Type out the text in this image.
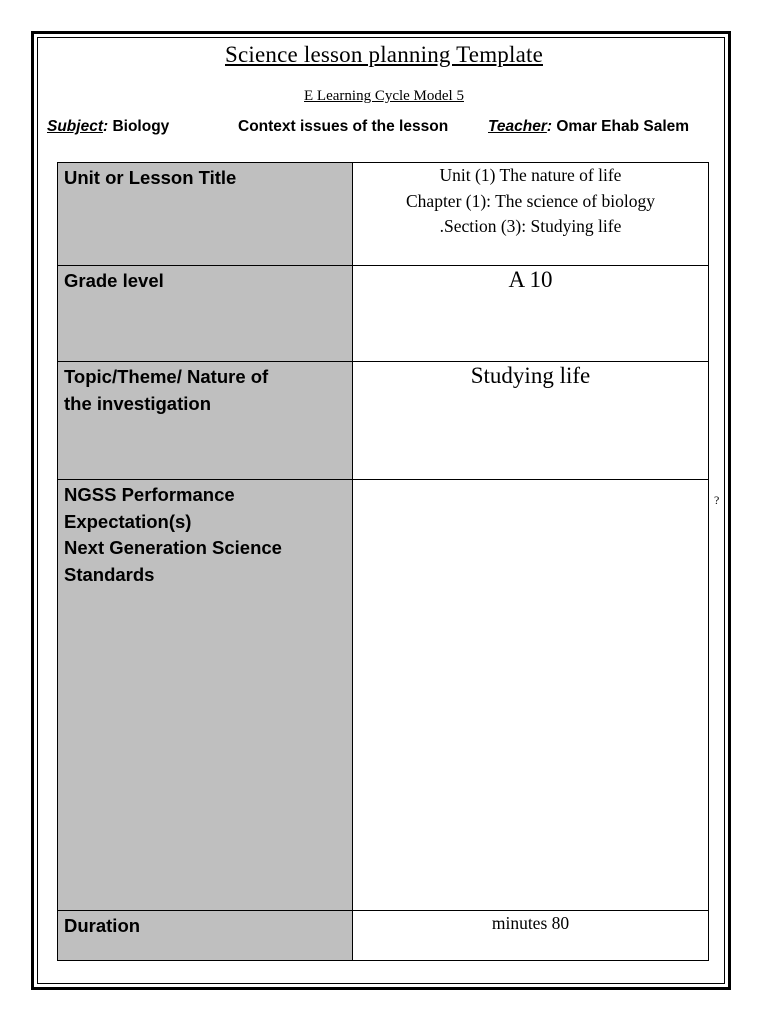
Science lesson planning Template
E Learning Cycle Model 5
Subject: Biology	Context issues of the lesson	Teacher: Omar Ehab Salem
Unit or Lesson Title	Unit (1) The nature of life
Chapter (1): The science of biology
.Section (3): Studying life

Grade level	A 10

Topic/Theme/ Nature of
the investigation	Studying life

NGSS Performance
Expectation(s)
Next Generation Science
Standards	

Duration	minutes 80
?
